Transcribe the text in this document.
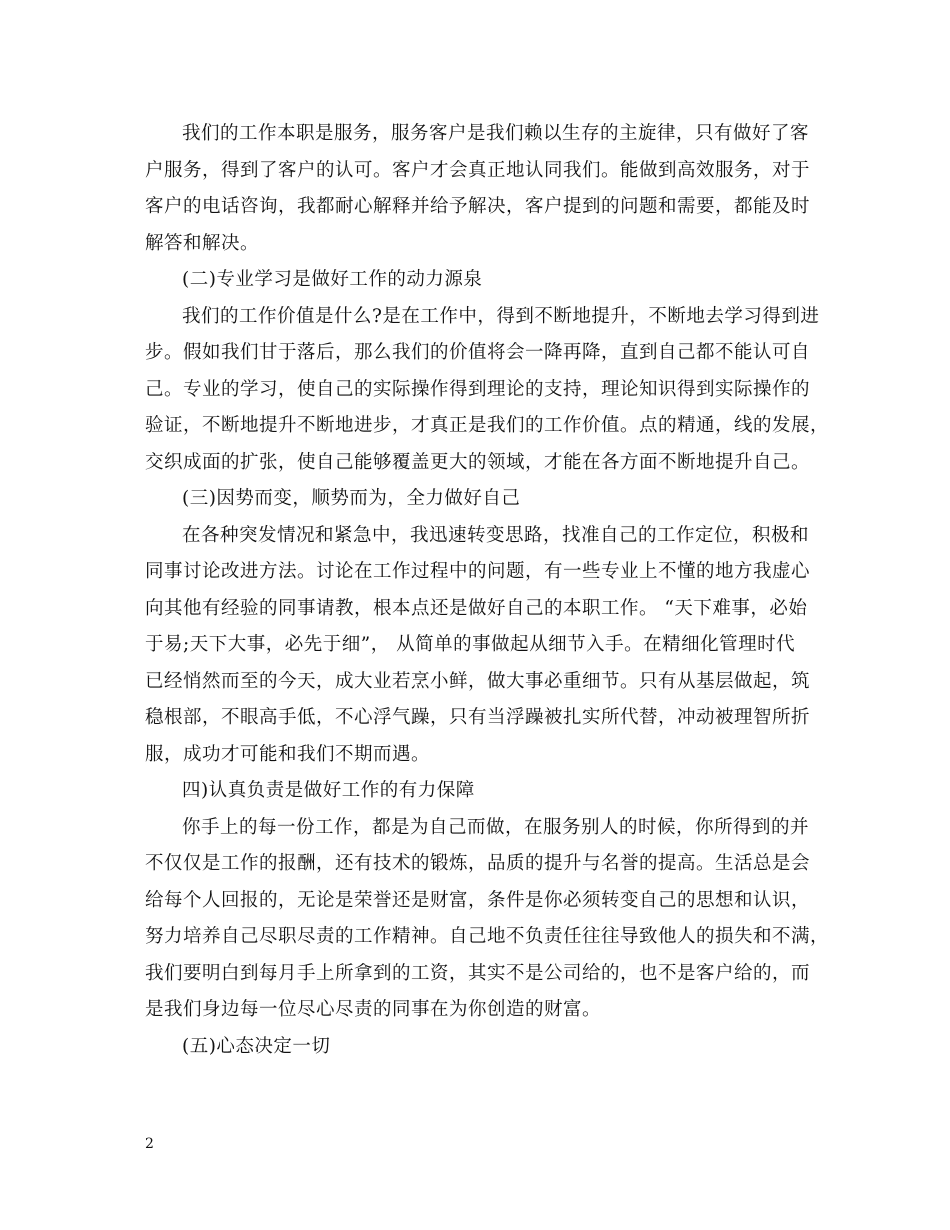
我们的工作本职是服务，服务客户是我们赖以生存的主旋律，只有做好了客
户服务，得到了客户的认可。客户才会真正地认同我们。能做到高效服务，对于
客户的电话咨询，我都耐心解释并给予解决，客户提到的问题和需要，都能及时
解答和解决。
(二)专业学习是做好工作的动力源泉
我们的工作价值是什么?是在工作中，得到不断地提升，不断地去学习得到进
步。假如我们甘于落后，那么我们的价值将会一降再降，直到自己都不能认可自
己。专业的学习，使自己的实际操作得到理论的支持，理论知识得到实际操作的
验证，不断地提升不断地进步，才真正是我们的工作价值。点的精通，线的发展，
交织成面的扩张，使自己能够覆盖更大的领域，才能在各方面不断地提升自己。
(三)因势而变，顺势而为，全力做好自己
在各种突发情况和紧急中，我迅速转变思路，找准自己的工作定位，积极和
同事讨论改进方法。讨论在工作过程中的问题，有一些专业上不懂的地方我虚心
向其他有经验的同事请教，根本点还是做好自己的本职工作。 “天下难事，必始
于易;天下大事，必先于细”， 从简单的事做起从细节入手。在精细化管理时代
已经悄然而至的今天，成大业若烹小鲜，做大事必重细节。只有从基层做起，筑
稳根部，不眼高手低，不心浮气躁，只有当浮躁被扎实所代替，冲动被理智所折
服，成功才可能和我们不期而遇。
四)认真负责是做好工作的有力保障
你手上的每一份工作，都是为自己而做，在服务别人的时候，你所得到的并
不仅仅是工作的报酬，还有技术的锻炼，品质的提升与名誉的提高。生活总是会
给每个人回报的，无论是荣誉还是财富，条件是你必须转变自己的思想和认识，
努力培养自己尽职尽责的工作精神。自己地不负责任往往导致他人的损失和不满，
我们要明白到每月手上所拿到的工资，其实不是公司给的，也不是客户给的，而
是我们身边每一位尽心尽责的同事在为你创造的财富。
(五)心态决定一切
2
